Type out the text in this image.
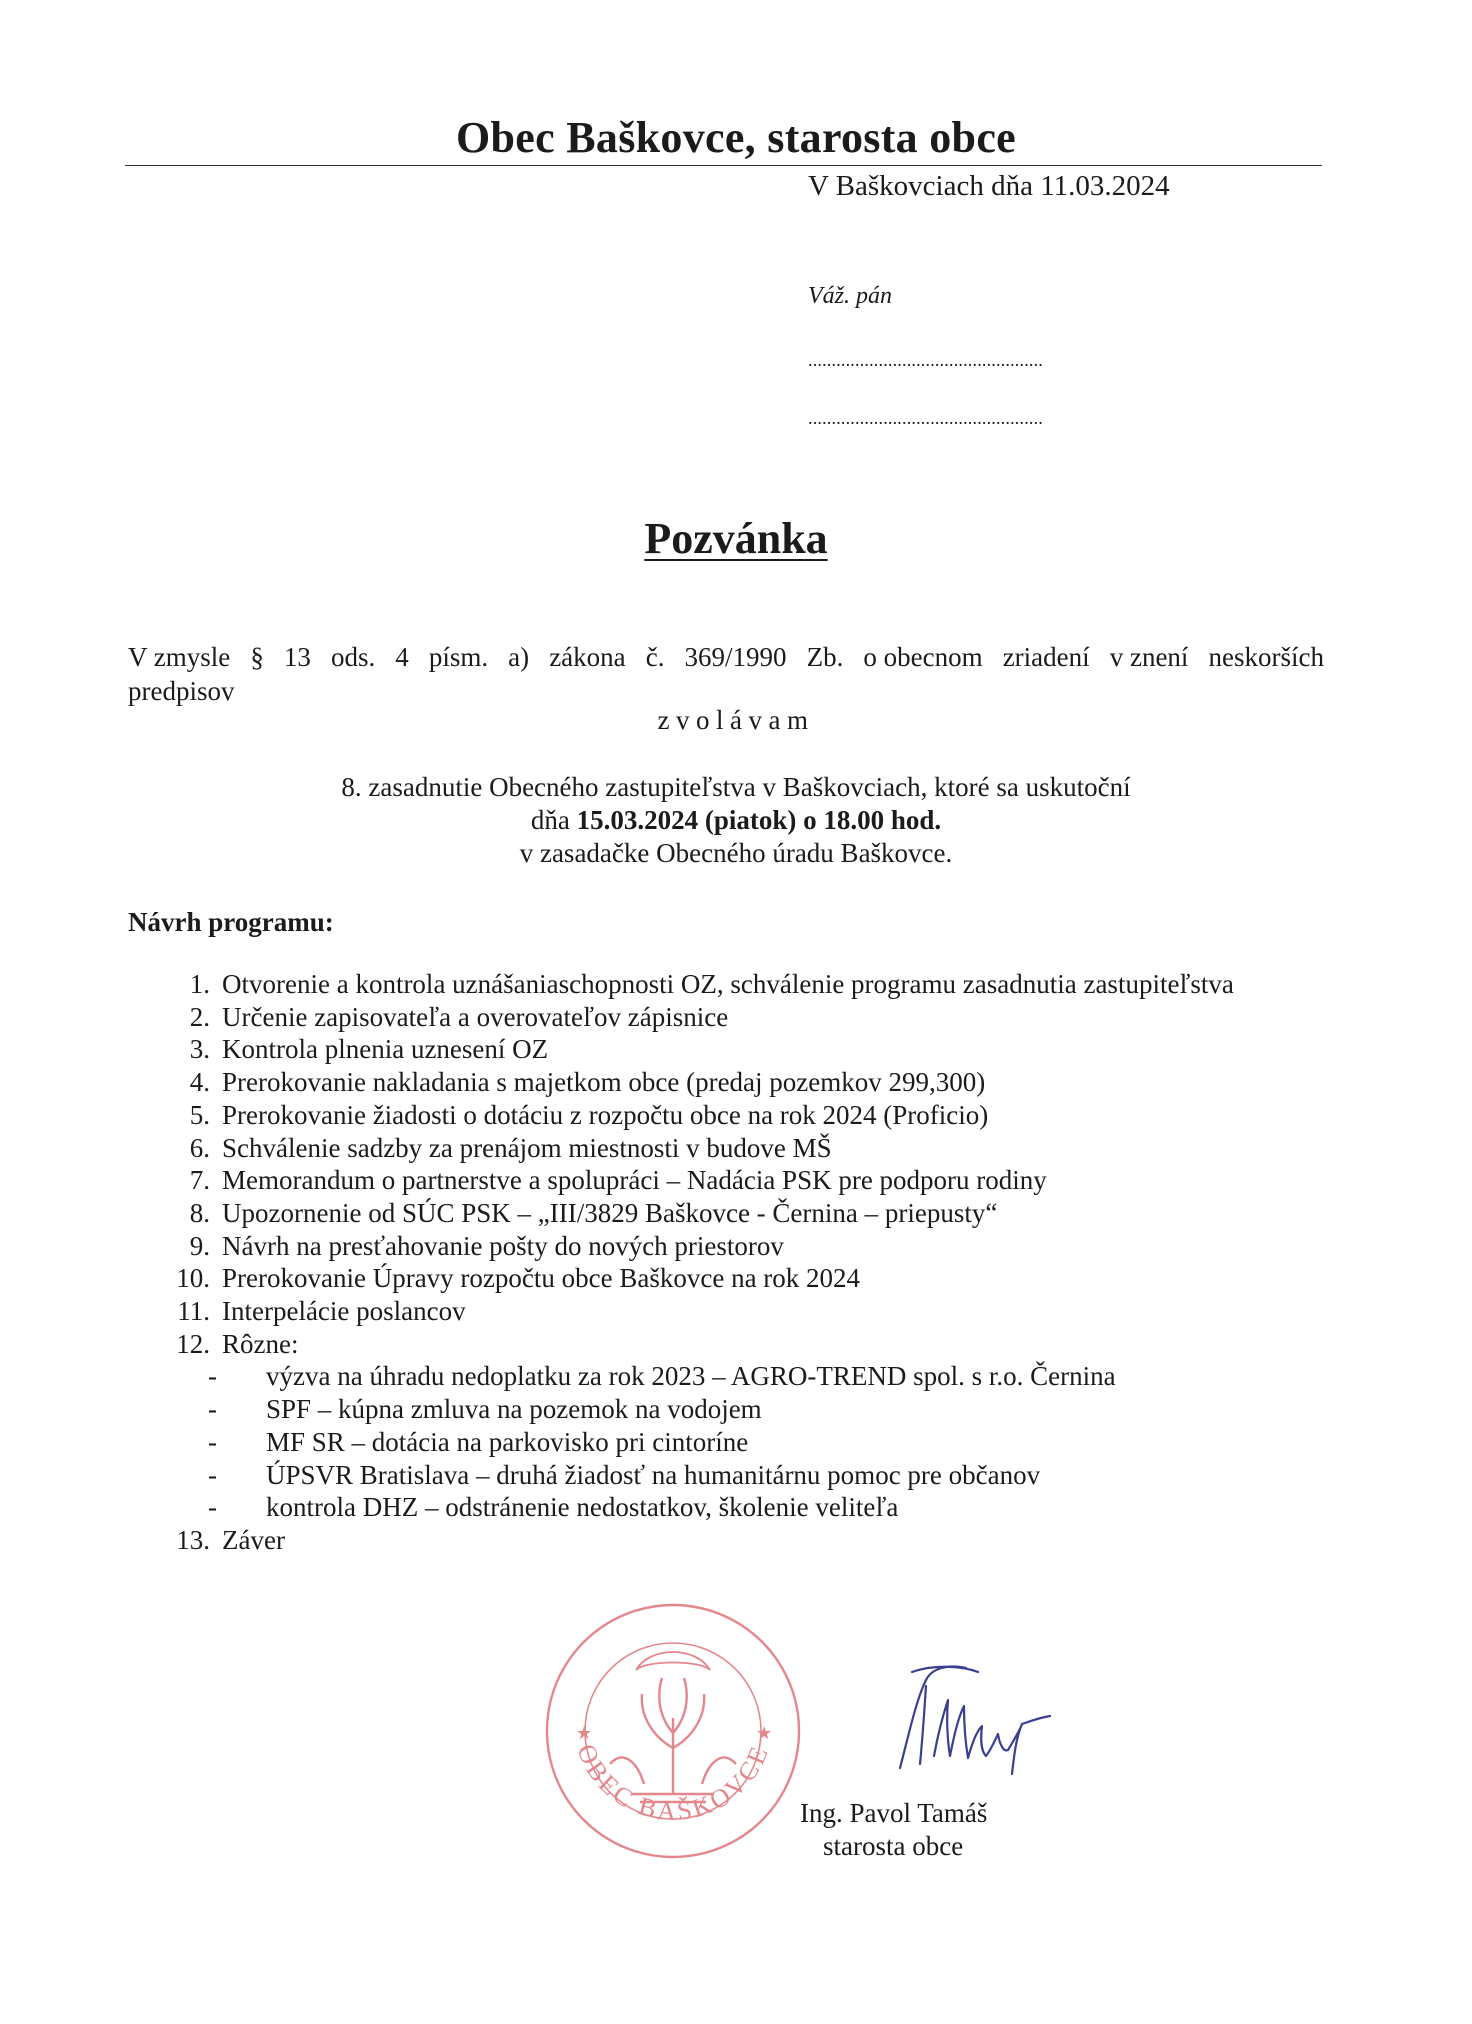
Obec Baškovce, starosta obce
V Baškovciach dňa 11.03.2024
Váž. pán
..................................................
..................................................
Pozvánka
V zmysle § 13 ods. 4 písm. a) zákona č. 369/1990 Zb. o obecnom zriadení v znení neskorších
predpisov
zvolávam
8. zasadnutie Obecného zastupiteľstva v Baškovciach, ktoré sa uskutoční
dňa 15.03.2024 (piatok) o 18.00 hod.
v zasadačke Obecného úradu Baškovce.
Návrh programu:
1. Otvorenie a kontrola uznášaniaschopnosti OZ, schválenie programu zasadnutia zastupiteľstva
2. Určenie zapisovateľa a overovateľov zápisnice
3. Kontrola plnenia uznesení OZ
4. Prerokovanie nakladania s majetkom obce (predaj pozemkov 299,300)
5. Prerokovanie žiadosti o dotáciu z rozpočtu obce na rok 2024 (Proficio)
6. Schválenie sadzby za prenájom miestnosti v budove MŠ
7. Memorandum o partnerstve a spolupráci – Nadácia PSK pre podporu rodiny
8. Upozornenie od SÚC PSK – „III/3829 Baškovce - Černina – priepusty“
9. Návrh na presťahovanie pošty do nových priestorov
10. Prerokovanie Úpravy rozpočtu obce Baškovce na rok 2024
11. Interpelácie poslancov
12. Rôzne:
-	výzva na úhradu nedoplatku za rok 2023 – AGRO-TREND spol. s r.o. Černina
-	SPF – kúpna zmluva na pozemok na vodojem
-	MF SR – dotácia na parkovisko pri cintoríne
-	ÚPSVR Bratislava – druhá žiadosť na humanitárnu pomoc pre občanov
-	kontrola DHZ – odstránenie nedostatkov, školenie veliteľa
13. Záver
★	★
OBEC BAŠKOVCE
Ing. Pavol Tamáš
starosta obce
